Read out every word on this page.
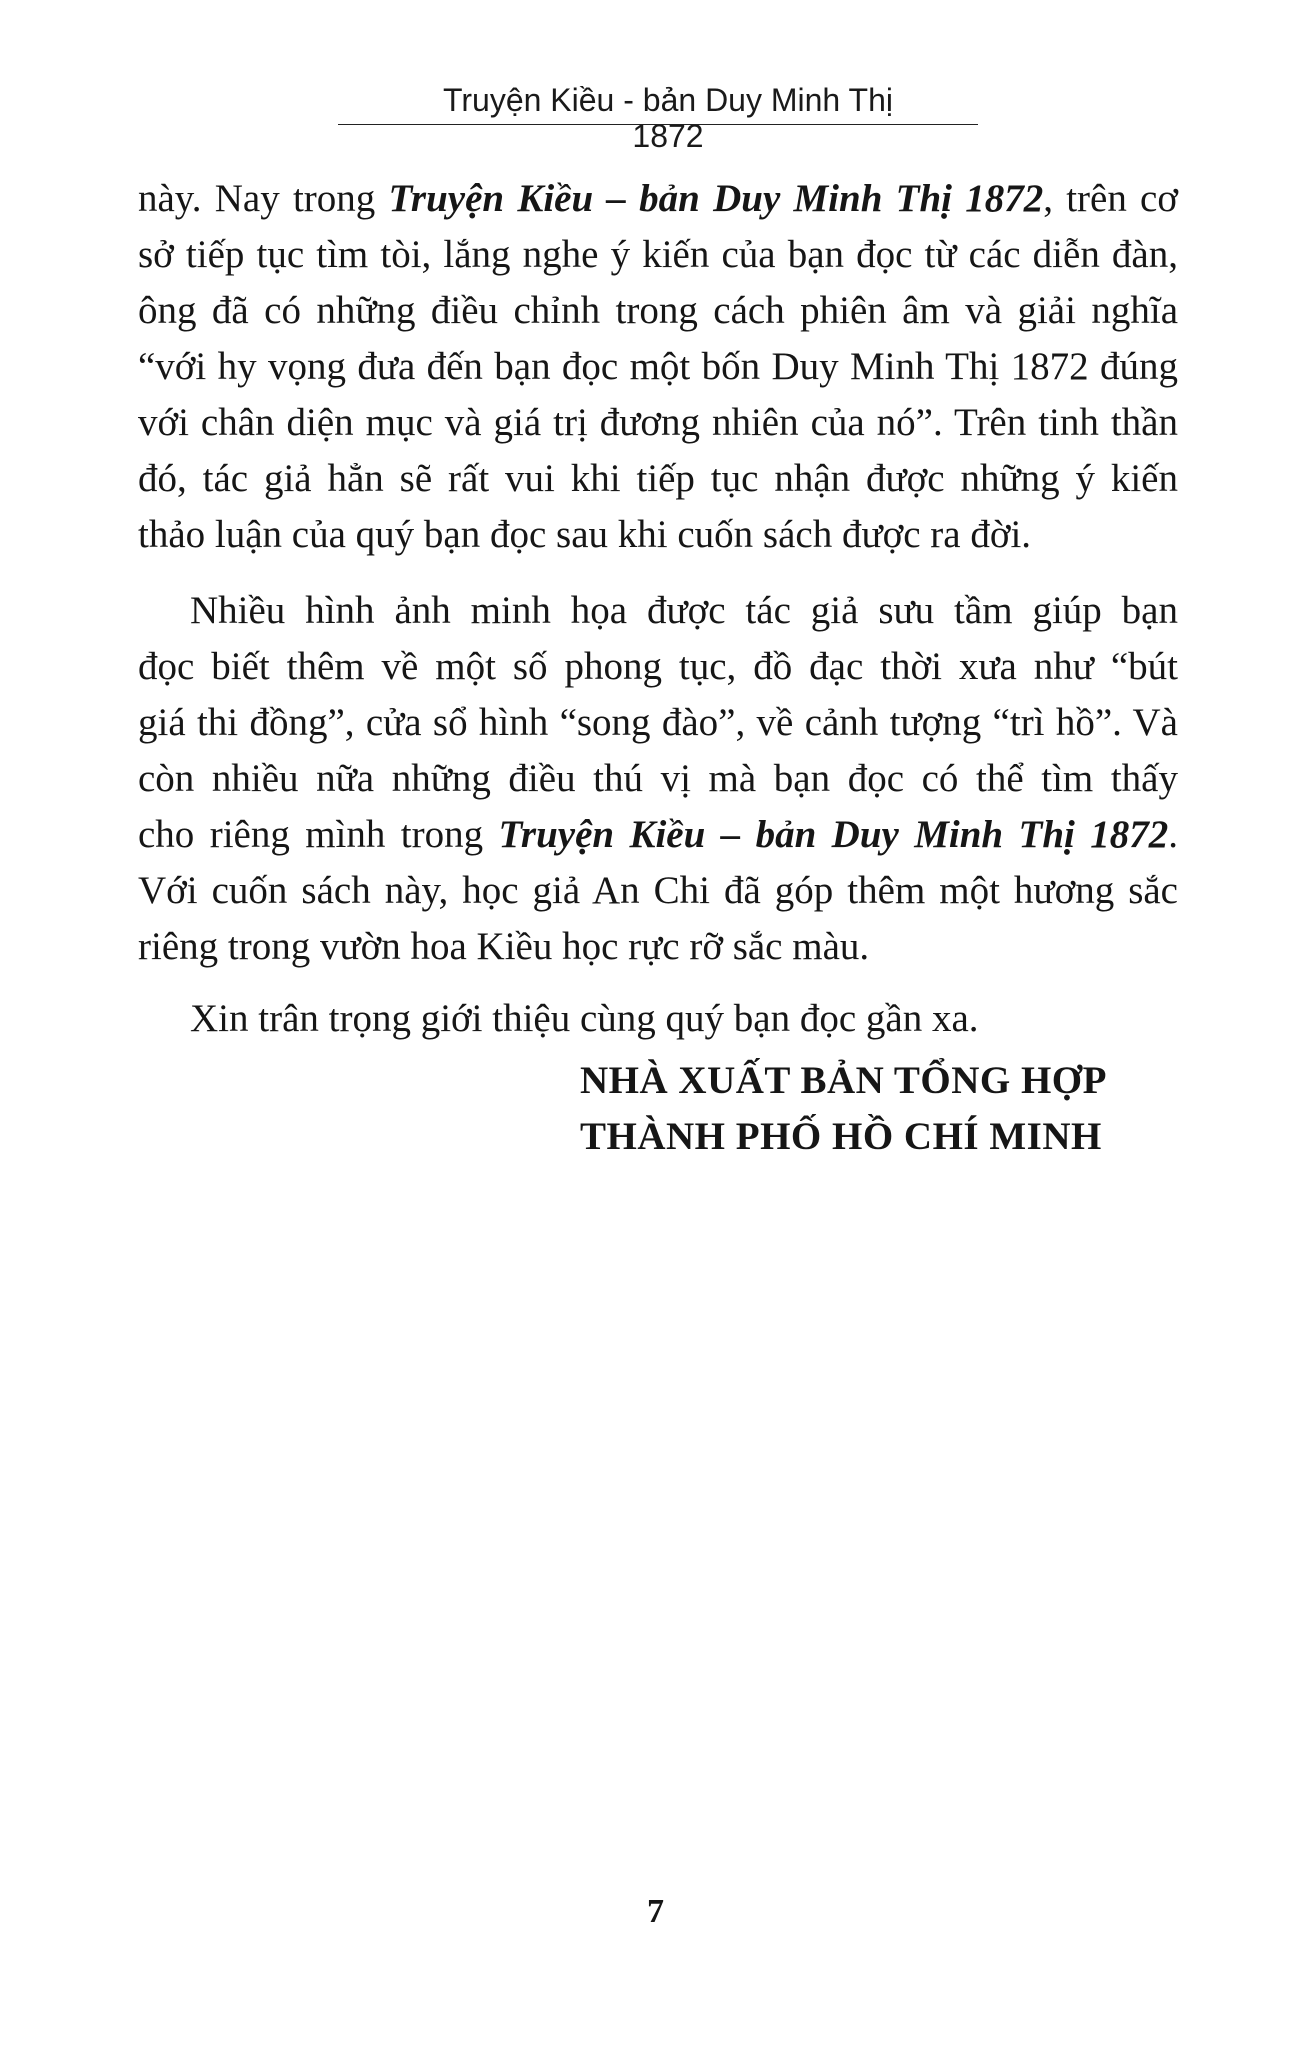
Truyện Kiều - bản Duy Minh Thị 1872
này. Nay trong Truyện Kiều – bản Duy Minh Thị 1872, trên cơ
sở tiếp tục tìm tòi, lắng nghe ý kiến của bạn đọc từ các diễn đàn,
ông đã có những điều chỉnh trong cách phiên âm và giải nghĩa
“với hy vọng đưa đến bạn đọc một bốn Duy Minh Thị 1872 đúng
với chân diện mục và giá trị đương nhiên của nó”. Trên tinh thần
đó, tác giả hẳn sẽ rất vui khi tiếp tục nhận được những ý kiến
thảo luận của quý bạn đọc sau khi cuốn sách được ra đời.
Nhiều hình ảnh minh họa được tác giả sưu tầm giúp bạn
đọc biết thêm về một số phong tục, đồ đạc thời xưa như “bút
giá thi đồng”, cửa sổ hình “song đào”, về cảnh tượng “trì hồ”. Và
còn nhiều nữa những điều thú vị mà bạn đọc có thể tìm thấy
cho riêng mình trong Truyện Kiều – bản Duy Minh Thị 1872.
Với cuốn sách này, học giả An Chi đã góp thêm một hương sắc
riêng trong vườn hoa Kiều học rực rỡ sắc màu.
Xin trân trọng giới thiệu cùng quý bạn đọc gần xa.
NHÀ XUẤT BẢN TỔNG HỢP
THÀNH PHỐ HỒ CHÍ MINH
7
